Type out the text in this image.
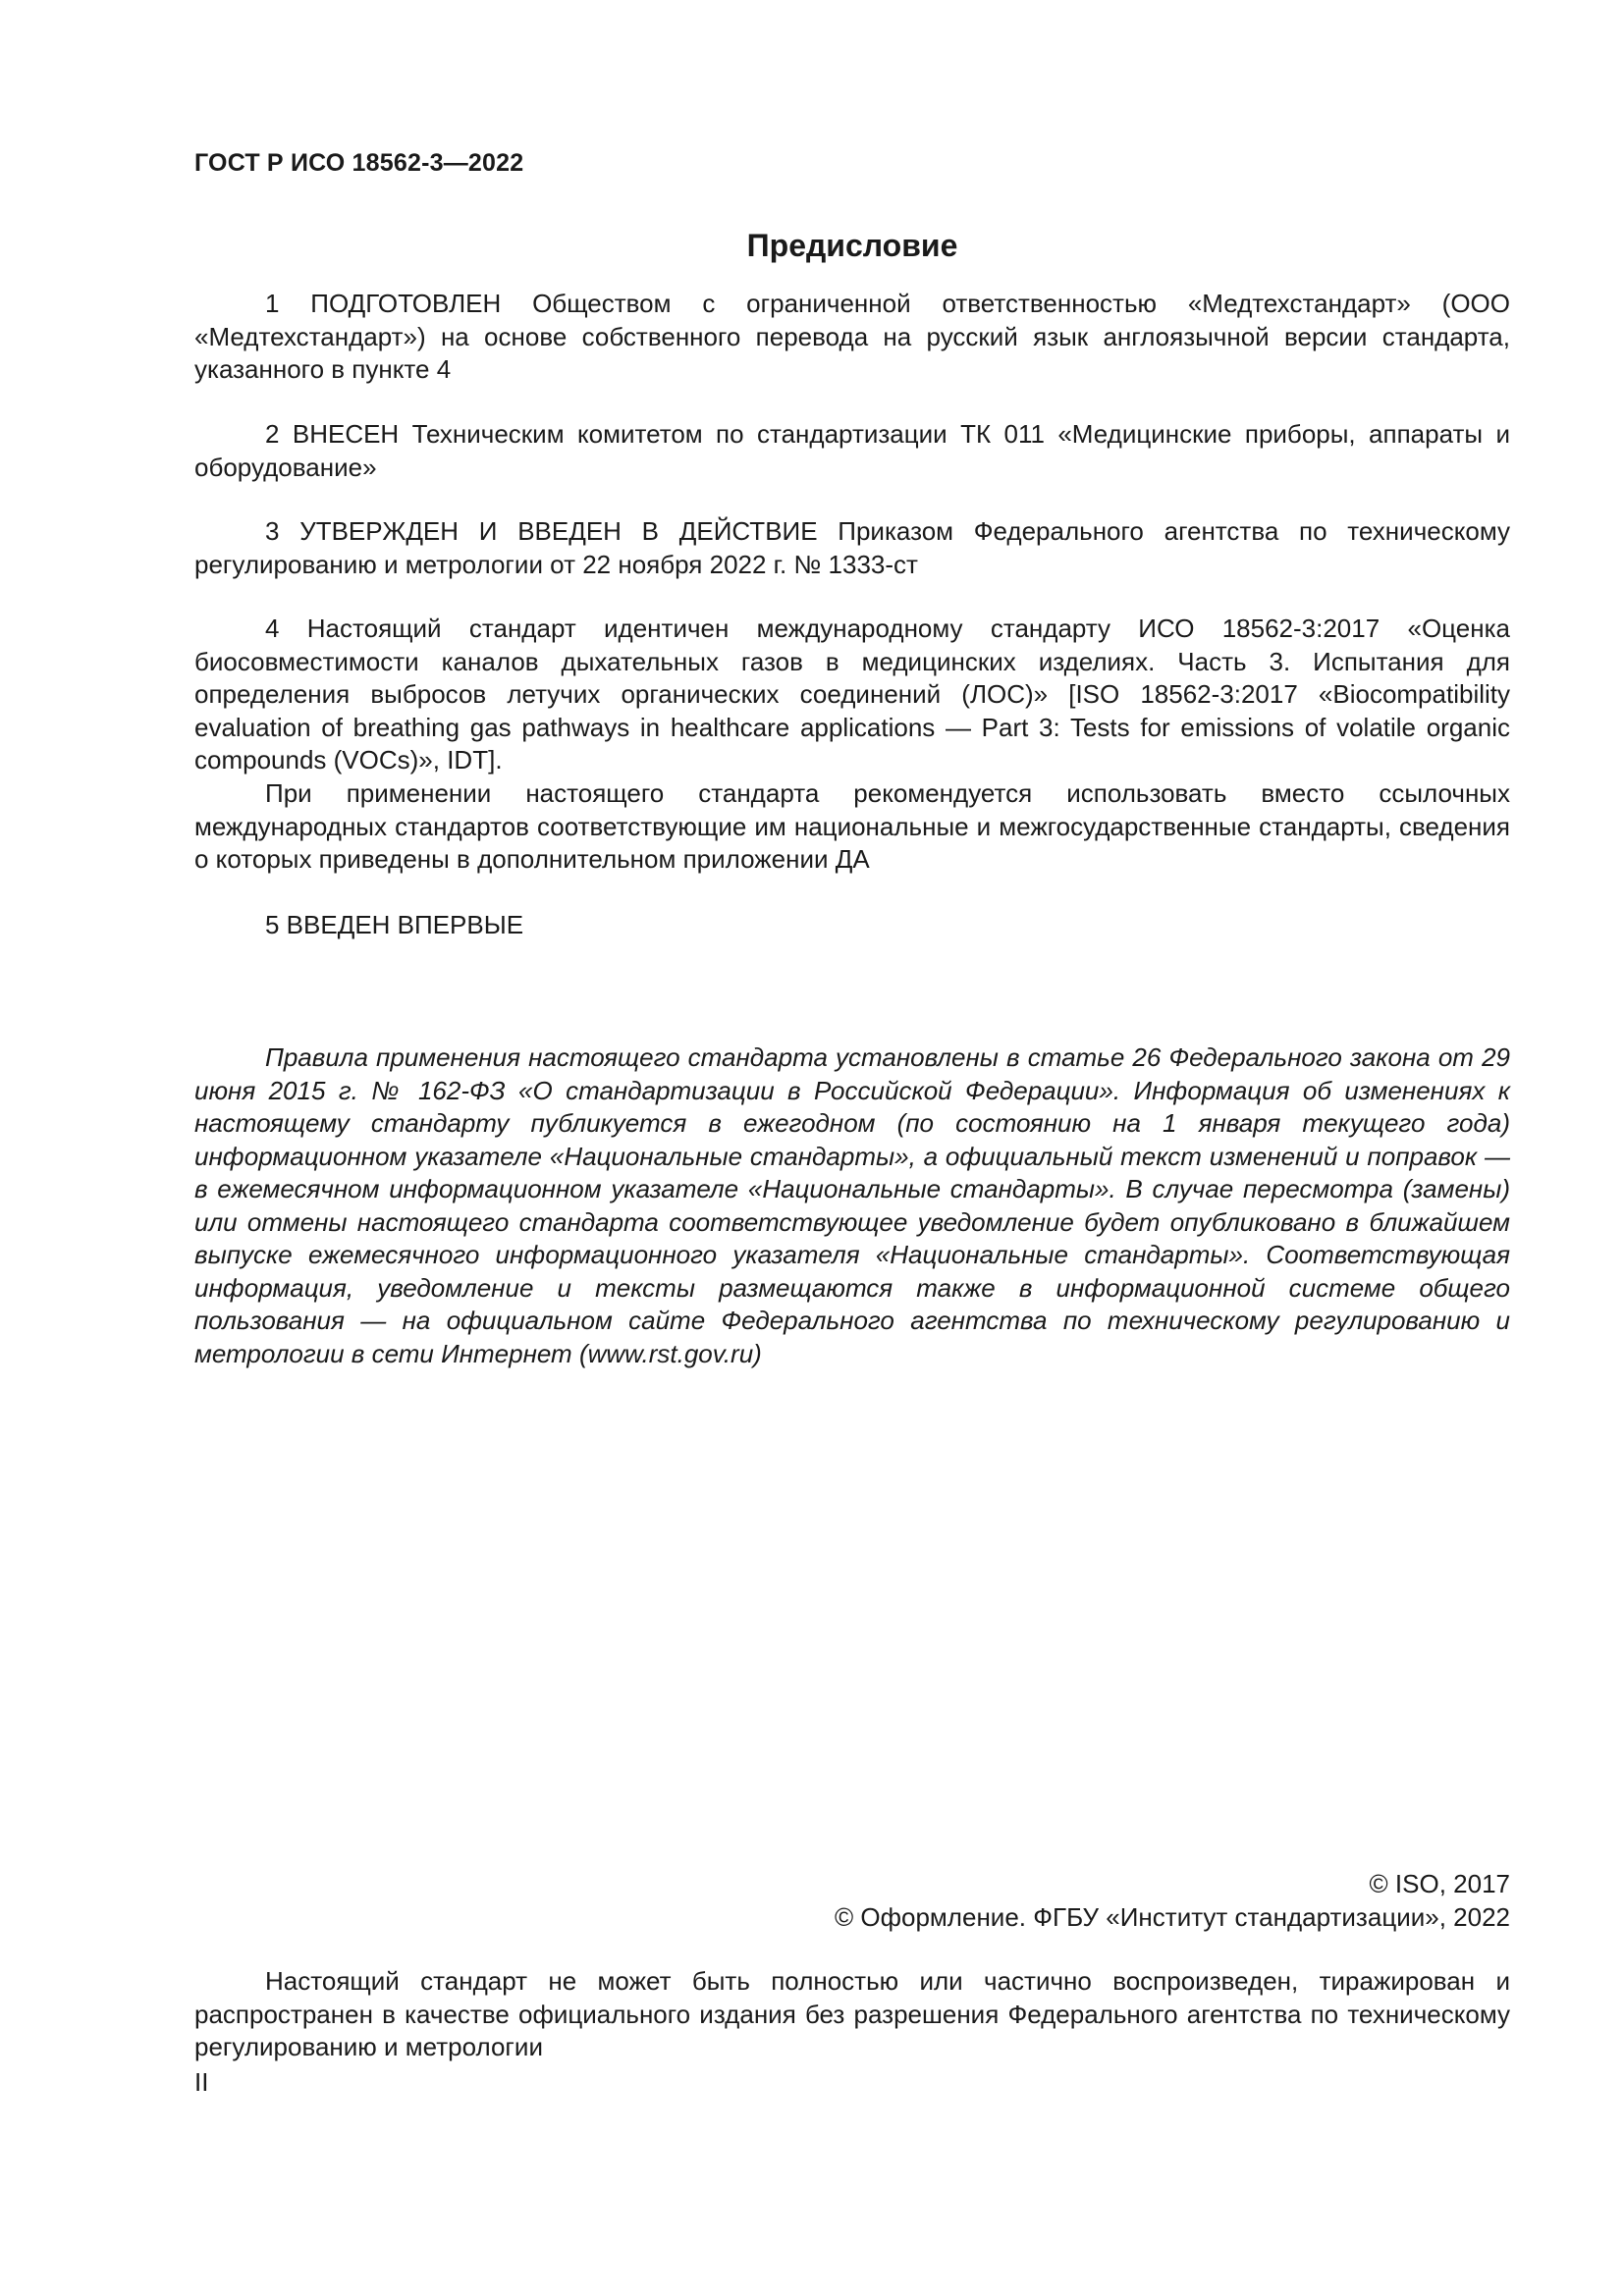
ГОСТ Р ИСО 18562-3—2022
Предисловие

1 ПОДГОТОВЛЕН Обществом с ограниченной ответственностью «Медтехстандарт» (ООО «Медтехстандарт») на основе собственного перевода на русский язык англоязычной версии стандарта, указанного в пункте 4

2 ВНЕСЕН Техническим комитетом по стандартизации ТК 011 «Медицинские приборы, аппараты и оборудование»

3 УТВЕРЖДЕН И ВВЕДЕН В ДЕЙСТВИЕ Приказом Федерального агентства по техническому регулированию и метрологии от 22 ноября 2022 г. № 1333-ст

4 Настоящий стандарт идентичен международному стандарту ИСО 18562-3:2017 «Оценка биосовместимости каналов дыхательных газов в медицинских изделиях. Часть 3. Испытания для определения выбросов летучих органических соединений (ЛОС)» [ISO 18562-3:2017 «Biocompatibility evaluation of breathing gas pathways in healthcare applications — Part 3: Tests for emissions of volatile organic compounds (VOCs)», IDT].

При применении настоящего стандарта рекомендуется использовать вместо ссылочных международных стандартов соответствующие им национальные и межгосударственные стандарты, сведения о которых приведены в дополнительном приложении ДА

5 ВВЕДЕН ВПЕРВЫЕ

Правила применения настоящего стандарта установлены в статье 26 Федерального закона от 29 июня 2015 г. № 162-ФЗ «О стандартизации в Российской Федерации». Информация об изменениях к настоящему стандарту публикуется в ежегодном (по состоянию на 1 января текущего года) информационном указателе «Национальные стандарты», а официальный текст изменений и поправок — в ежемесячном информационном указателе «Национальные стандарты». В случае пересмотра (замены) или отмены настоящего стандарта соответствующее уведомление будет опубликовано в ближайшем выпуске ежемесячного информационного указателя «Национальные стандарты». Соответствующая информация, уведомление и тексты размещаются также в информационной системе общего пользования — на официальном сайте Федерального агентства по техническому регулированию и метрологии в сети Интернет (www.rst.gov.ru)

© ISO, 2017
© Оформление. ФГБУ «Институт стандартизации», 2022

Настоящий стандарт не может быть полностью или частично воспроизведен, тиражирован и распространен в качестве официального издания без разрешения Федерального агентства по техническому регулированию и метрологии

II
